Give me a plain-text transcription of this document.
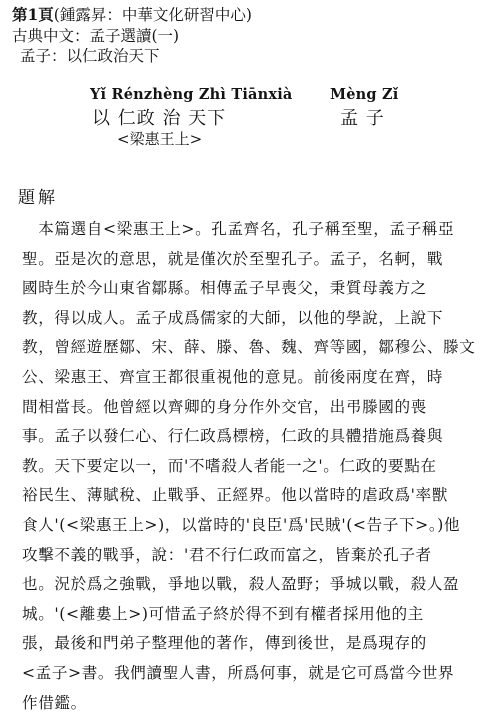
第1頁(鍾露昇：中華文化研習中心)
古典中文：孟子選讀(一)
孟子：以仁政治天下
Yǐ Rénzhèng Zhì Tiānxià	Mèng Zǐ
以 仁政 治 天下	孟 子
<梁惠王上>
題解
　本篇選自<梁惠王上>。孔孟齊名，孔子稱至聖，孟子稱亞
聖。亞是次的意思，就是僅次於至聖孔子。孟子，名軻，戰
國時生於今山東省鄒縣。相傳孟子早喪父，秉質母義方之
教，得以成人。孟子成爲儒家的大師，以他的學說，上說下
教，曾經遊歷鄒、宋、薛、滕、魯、魏、齊等國，鄒穆公、滕文
公、梁惠王、齊宣王都很重視他的意見。前後兩度在齊，時
間相當長。他曾經以齊卿的身分作外交官，出弔滕國的喪
事。孟子以發仁心、行仁政爲標榜，仁政的具體措施爲養與
教。天下要定以一，而'不嗜殺人者能一之'。仁政的要點在
裕民生、薄賦稅、止戰爭、正經界。他以當時的虐政爲'率獸
食人'(<梁惠王上>)，以當時的'良臣'爲'民賊'(<告子下>。)他
攻擊不義的戰爭，說：'君不行仁政而富之，皆棄於孔子者
也。況於爲之強戰，爭地以戰，殺人盈野；爭城以戰，殺人盈
城。'(<離婁上>)可惜孟子終於得不到有權者採用他的主
張，最後和門弟子整理他的著作，傳到後世，是爲現存的
<孟子>書。我們讀聖人書，所爲何事，就是它可爲當今世界
作借鑑。
